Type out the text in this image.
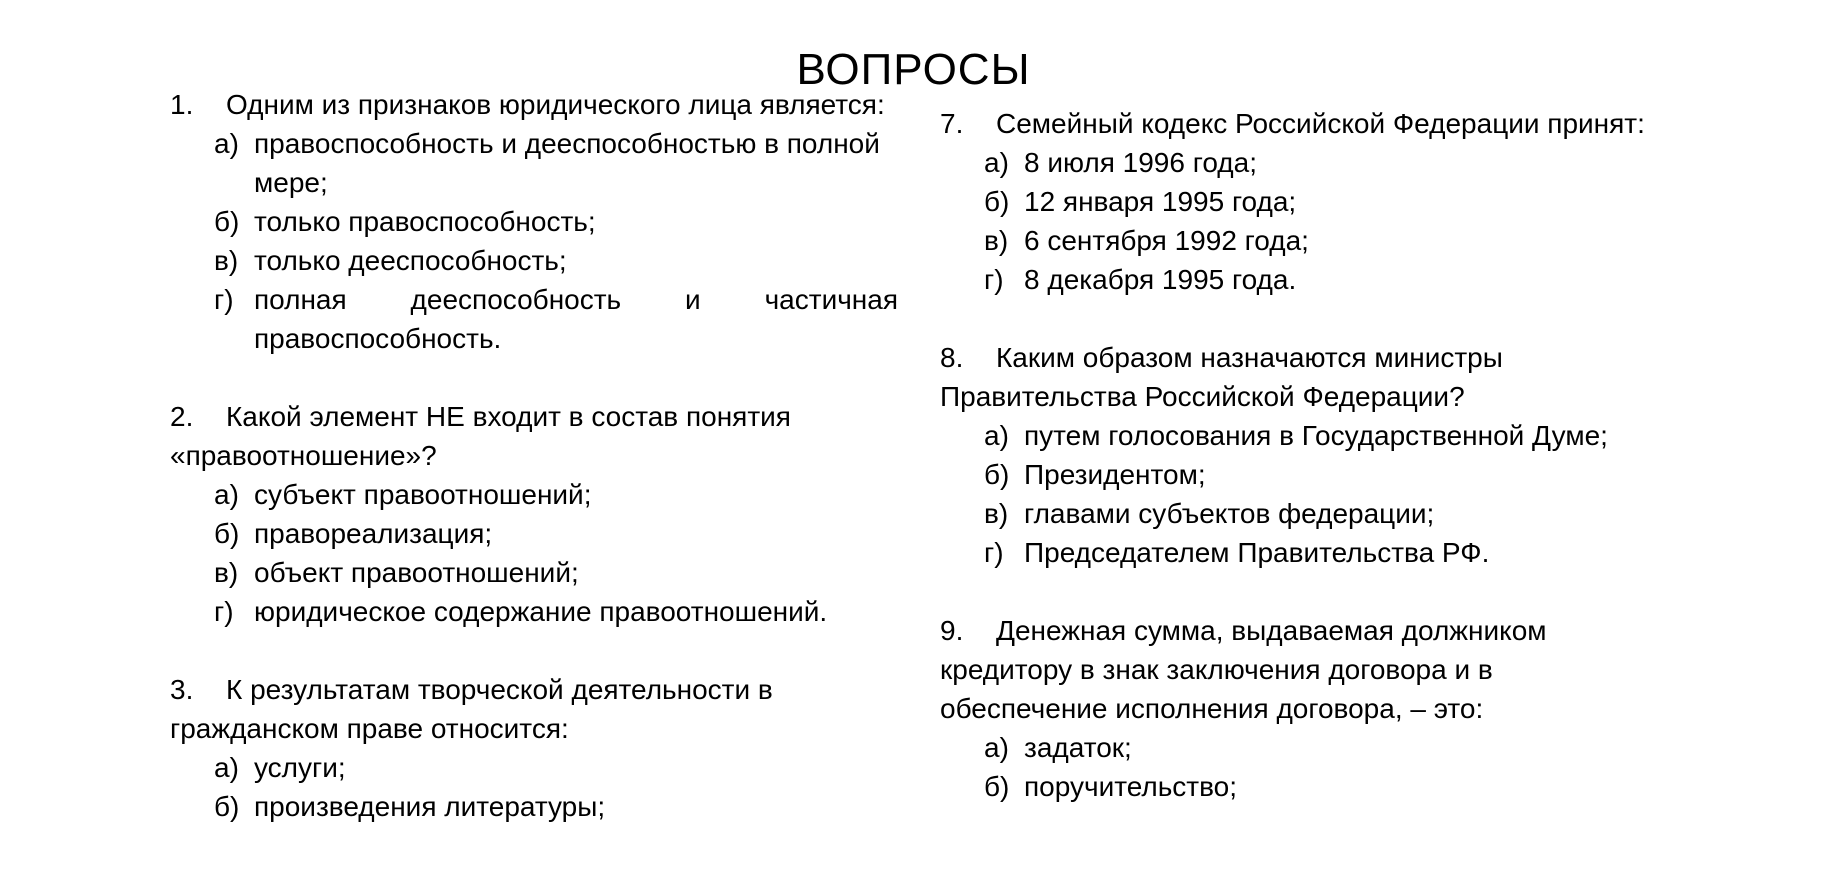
ВОПРОСЫ

1. Одним из признаков юридического лица является:

а) правоспособность и дееспособностью в полной мере;
б) только правоспособность;
в) только дееспособность;
г) полная дееспособность и частичная правоспособность.

2. Какой элемент НЕ входит в состав понятия «правоотношение»?

а) субъект правоотношений;
б) правореализация;
в) объект правоотношений;
г) юридическое содержание правоотношений.

3. К результатам творческой деятельности в гражданском праве относится:

а) услуги;
б) произведения литературы;

7. Семейный кодекс Российской Федерации принят:

а) 8 июля 1996 года;
б) 12 января 1995 года;
в) 6 сентября 1992 года;
г) 8 декабря 1995 года.

8. Каким образом назначаются министры Правительства Российской Федерации?

а) путем голосования в Государственной Думе;
б) Президентом;
в) главами субъектов федерации;
г) Председателем Правительства РФ.

9. Денежная сумма, выдаваемая должником кредитору в знак заключения договора и в обеспечение исполнения договора, – это:

а) задаток;
б) поручительство;
